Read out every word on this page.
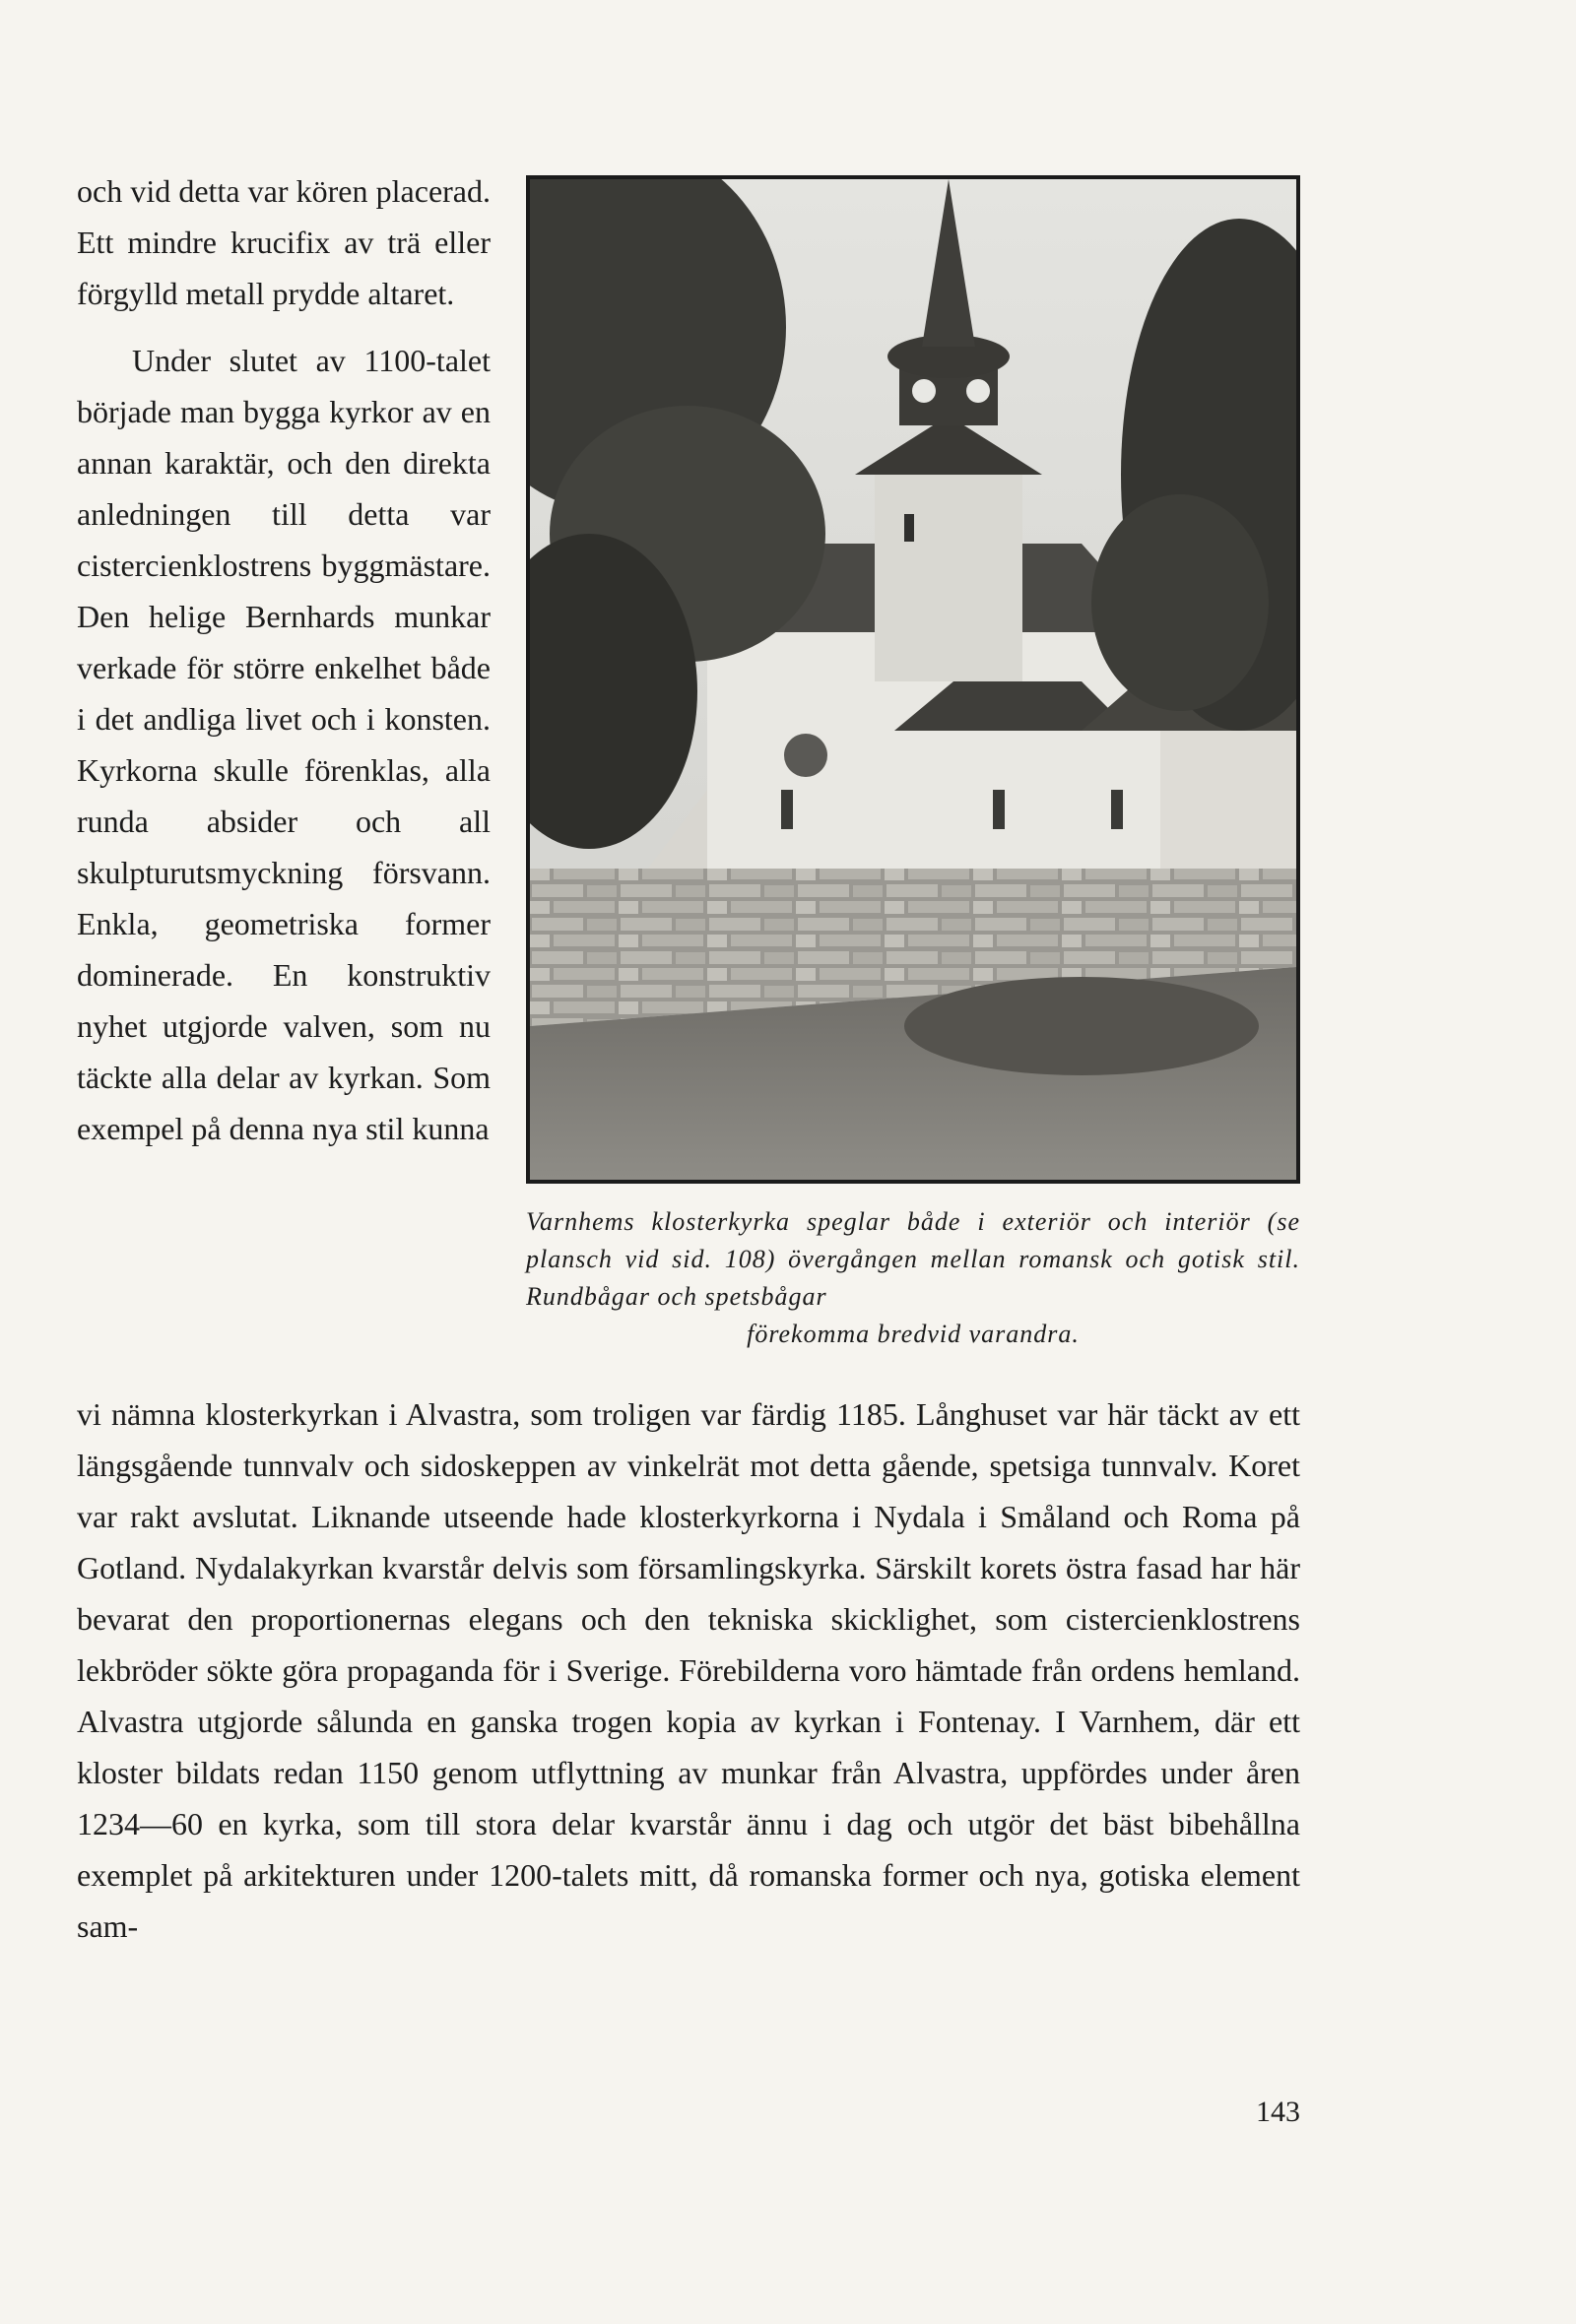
och vid detta var kören placerad. Ett mindre krucifix av trä eller förgylld metall prydde altaret.

Under slutet av 1100-talet började man bygga kyrkor av en annan karaktär, och den direkta anledningen till detta var cistercienklostrens byggmästare. Den helige Bernhards munkar verkade för större enkelhet både i det andliga livet och i konsten. Kyrkorna skulle förenklas, alla runda absider och all skulpturutsmyckning försvann. Enkla, geometriska former dominerade. En konstruktiv nyhet utgjorde valven, som nu täckte alla delar av kyrkan. Som exempel på denna nya stil kunna

Varnhems klosterkyrka speglar både i exteriör och interiör (se plansch vid sid. 108) övergången mellan romansk och gotisk stil. Rundbågar och spetsbågar
förekomma bredvid varandra.

vi nämna klosterkyrkan i Alvastra, som troligen var färdig 1185. Långhuset var här täckt av ett längsgående tunnvalv och sidoskeppen av vinkelrät mot detta gående, spetsiga tunnvalv. Koret var rakt avslutat. Liknande utseende hade klosterkyrkorna i Nydala i Småland och Roma på Gotland. Nydalakyrkan kvarstår delvis som församlingskyrka. Särskilt korets östra fasad har här bevarat den proportionernas elegans och den tekniska skicklighet, som cistercienklostrens lekbröder sökte göra propaganda för i Sverige. Förebilderna voro hämtade från ordens hemland. Alvastra utgjorde sålunda en ganska trogen kopia av kyrkan i Fontenay. I Varnhem, där ett kloster bildats redan 1150 genom utflyttning av munkar från Alvastra, uppfördes under åren 1234—60 en kyrka, som till stora delar kvarstår ännu i dag och utgör det bäst bibehållna exemplet på arkitekturen under 1200-talets mitt, då romanska former och nya, gotiska element sam-

143
